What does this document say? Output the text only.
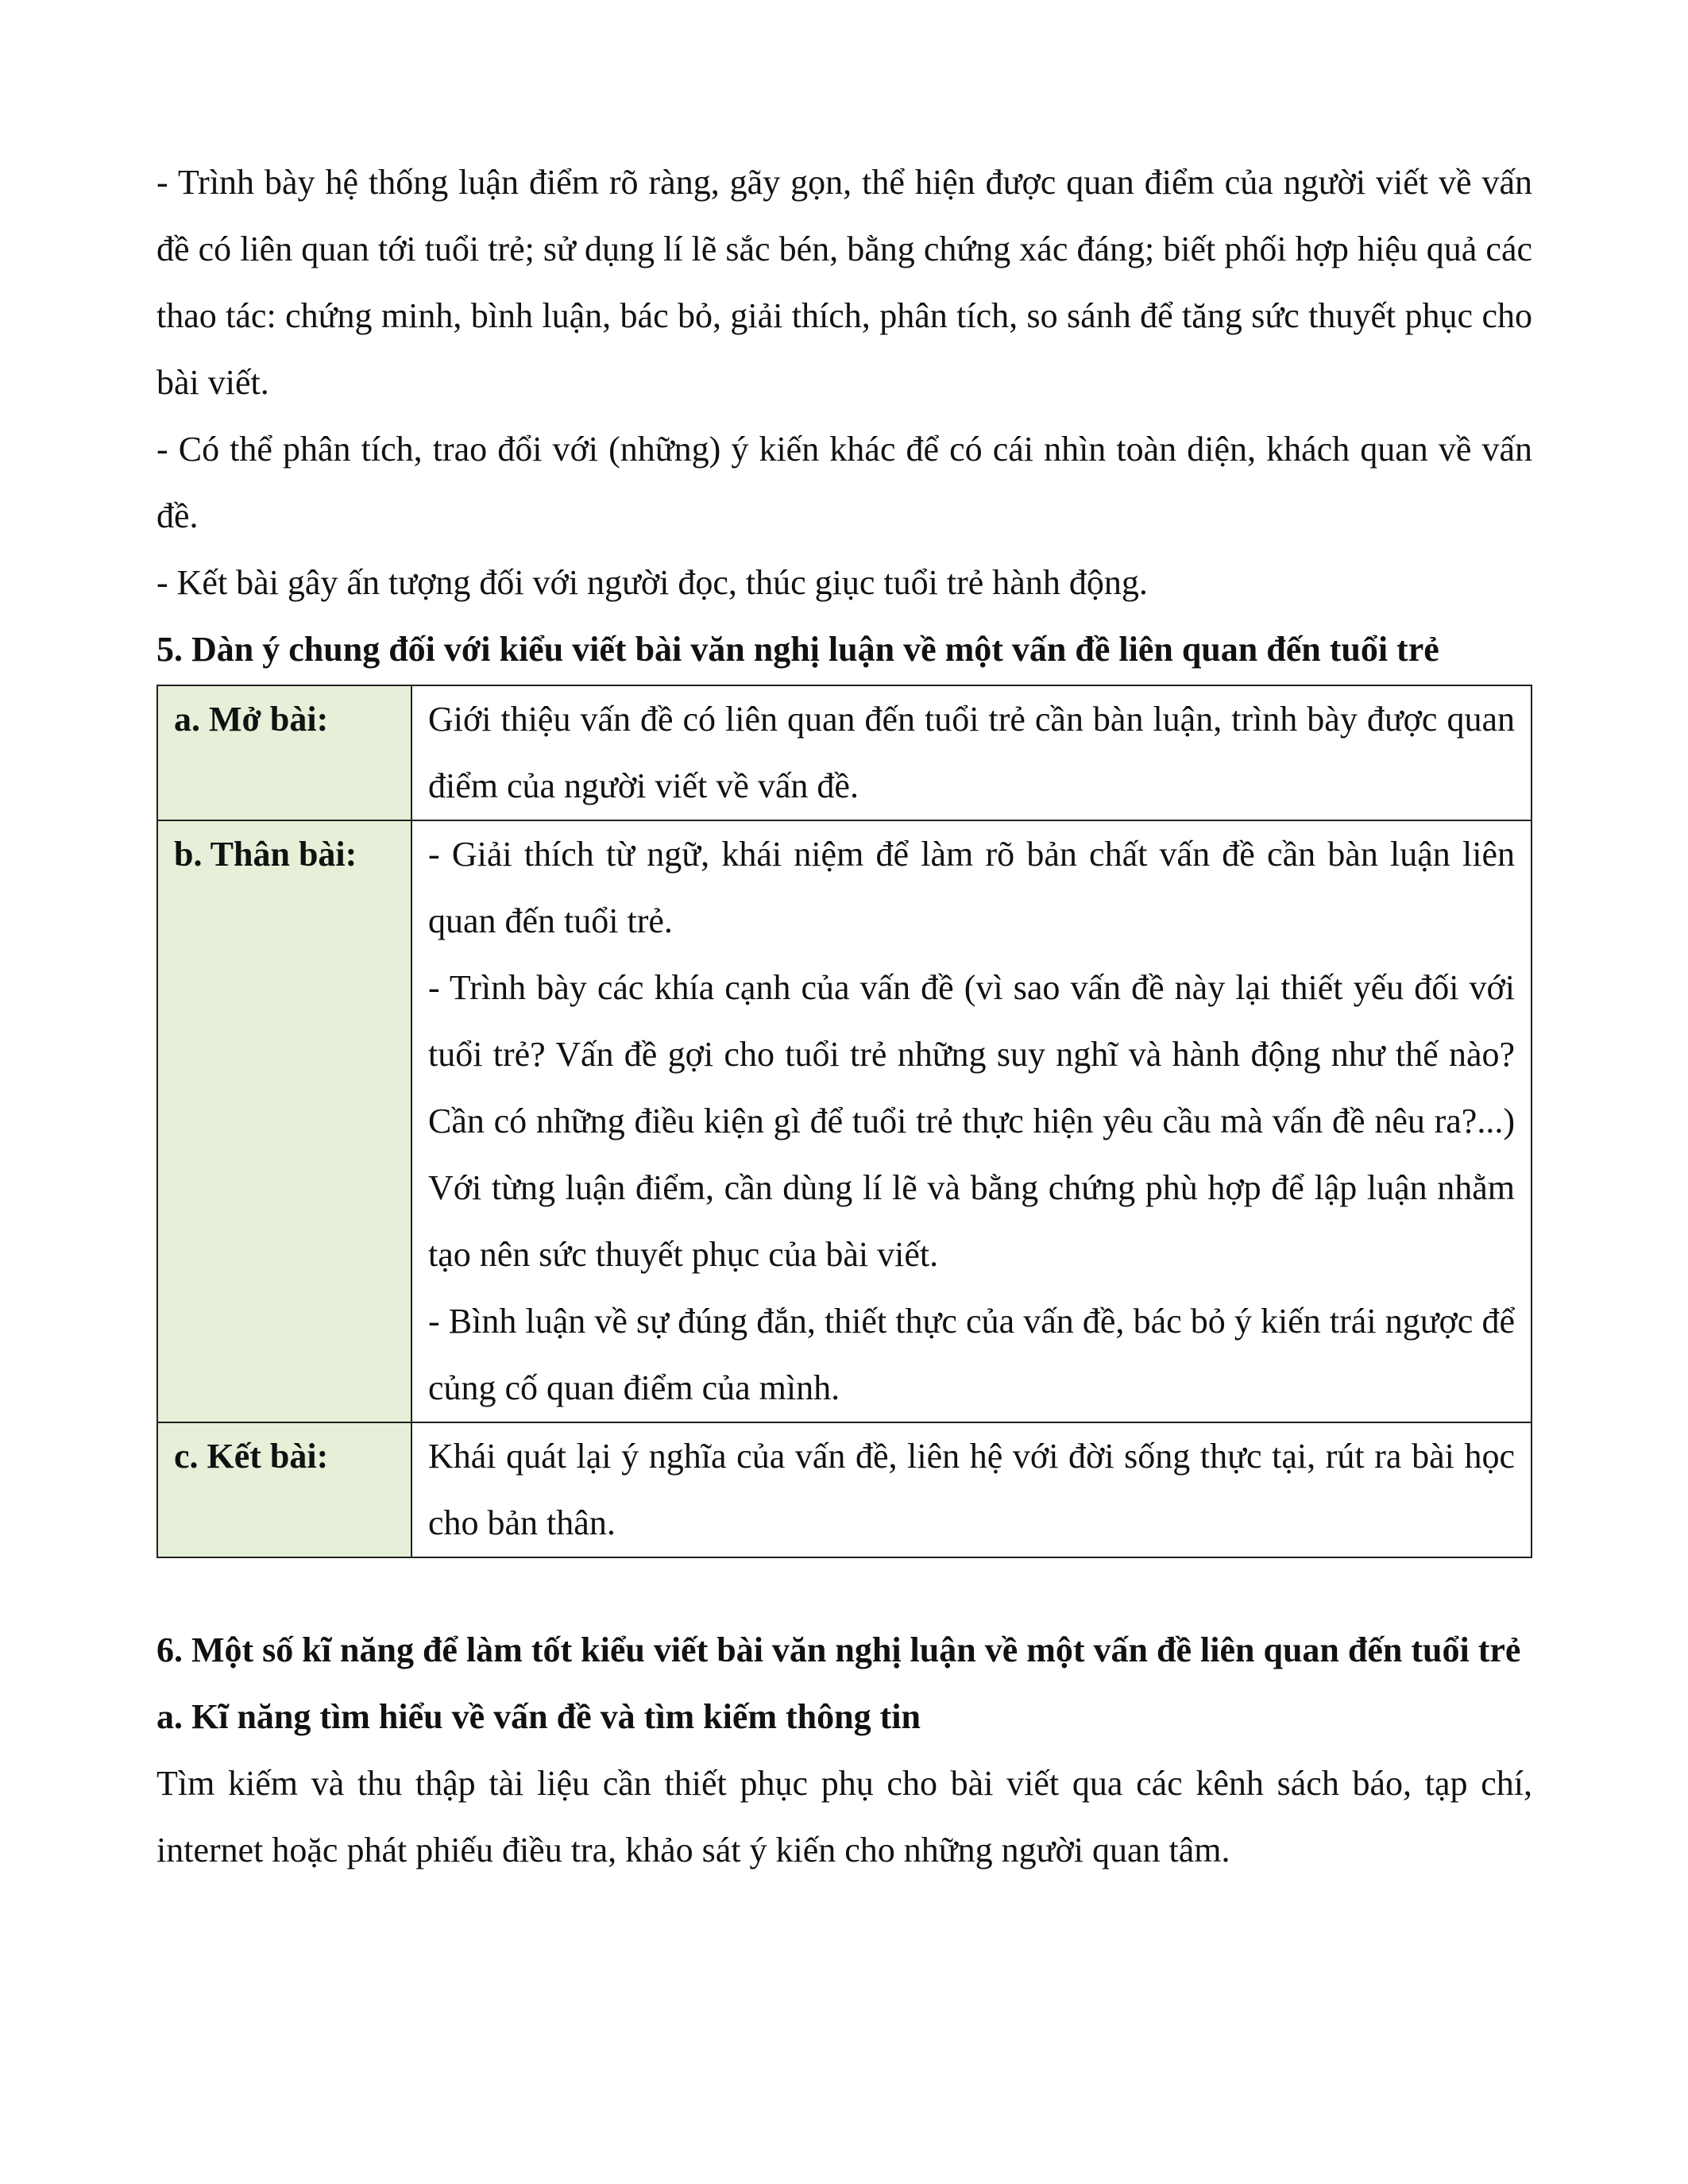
- Trình bày hệ thống luận điểm rõ ràng, gãy gọn, thể hiện được quan điểm của người viết về vấn đề có liên quan tới tuổi trẻ; sử dụng lí lẽ sắc bén, bằng chứng xác đáng; biết phối hợp hiệu quả các thao tác: chứng minh, bình luận, bác bỏ, giải thích, phân tích, so sánh để tăng sức thuyết phục cho bài viết.

- Có thể phân tích, trao đổi với (những) ý kiến khác để có cái nhìn toàn diện, khách quan về vấn đề.

- Kết bài gây ấn tượng đối với người đọc, thúc giục tuổi trẻ hành động.

5. Dàn ý chung đối với kiểu viết bài văn nghị luận về một vấn đề liên quan đến tuổi trẻ

a. Mở bài:	Giới thiệu vấn đề có liên quan đến tuổi trẻ cần bàn luận, trình bày được quan điểm của người viết về vấn đề.

b. Thân bài:	- Giải thích từ ngữ, khái niệm để làm rõ bản chất vấn đề cần bàn luận liên quan đến tuổi trẻ.

- Trình bày các khía cạnh của vấn đề (vì sao vấn đề này lại thiết yếu đối với tuổi trẻ? Vấn đề gợi cho tuổi trẻ những suy nghĩ và hành động như thế nào? Cần có những điều kiện gì để tuổi trẻ thực hiện yêu cầu mà vấn đề nêu ra?...) Với từng luận điểm, cần dùng lí lẽ và bằng chứng phù hợp để lập luận nhằm tạo nên sức thuyết phục của bài viết.

- Bình luận về sự đúng đắn, thiết thực của vấn đề, bác bỏ ý kiến trái ngược để củng cố quan điểm của mình.

c. Kết bài:	Khái quát lại ý nghĩa của vấn đề, liên hệ với đời sống thực tại, rút ra bài học cho bản thân.

6. Một số kĩ năng để làm tốt kiểu viết bài văn nghị luận về một vấn đề liên quan đến tuổi trẻ

a. Kĩ năng tìm hiểu về vấn đề và tìm kiếm thông tin

Tìm kiếm và thu thập tài liệu cần thiết phục phụ cho bài viết qua các kênh sách báo, tạp chí, internet hoặc phát phiếu điều tra, khảo sát ý kiến cho những người quan tâm.
